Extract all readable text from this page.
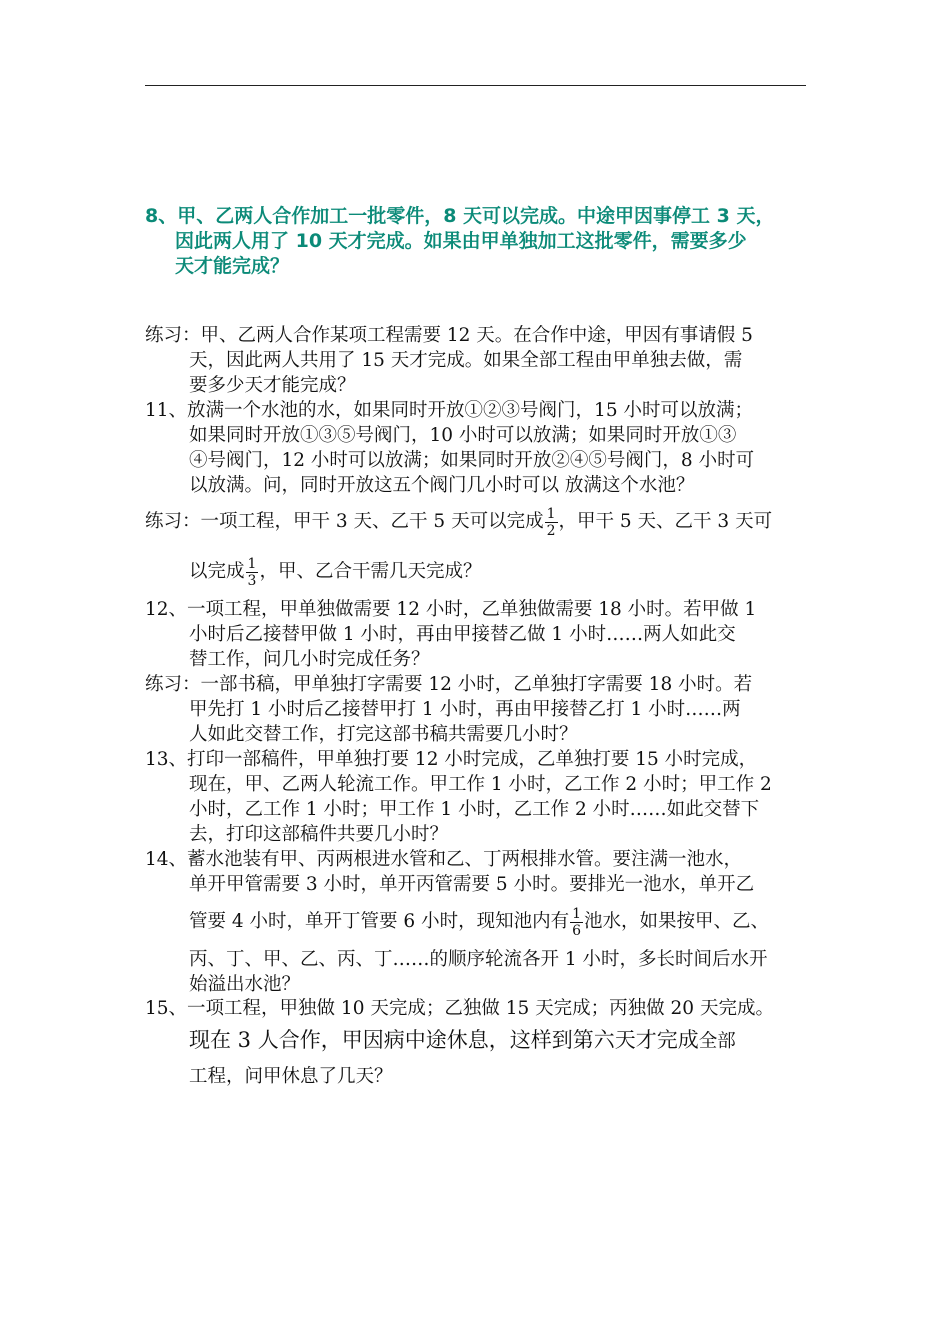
8、甲、乙两人合作加工一批零件，8 天可以完成。中途甲因事停工 3 天，
因此两人用了 10 天才完成。如果由甲单独加工这批零件，需要多少
天才能完成？
练习：甲、乙两人合作某项工程需要 12 天。在合作中途，甲因有事请假 5
天，因此两人共用了 15 天才完成。如果全部工程由甲单独去做，需
要多少天才能完成？
11、放满一个水池的水，如果同时开放①②③号阀门，15 小时可以放满；
如果同时开放①③⑤号阀门，10 小时可以放满；如果同时开放①③
④号阀门，12 小时可以放满；如果同时开放②④⑤号阀门，8 小时可
以放满。问，同时开放这五个阀门几小时可以 放满这个水池？
练习：一项工程，甲干 3 天、乙干 5 天可以完成 $\frac{1}{2}$ ，甲干 5 天、乙干 3 天可
以完成 $\frac{1}{3}$ ，甲、乙合干需几天完成？
12、一项工程，甲单独做需要 12 小时，乙单独做需要 18 小时。若甲做 1
小时后乙接替甲做 1 小时，再由甲接替乙做 1 小时……两人如此交
替工作，问几小时完成任务？
练习：一部书稿，甲单独打字需要 12 小时，乙单独打字需要 18 小时。若
甲先打 1 小时后乙接替甲打 1 小时，再由甲接替乙打 1 小时……两
人如此交替工作，打完这部书稿共需要几小时？
13、打印一部稿件，甲单独打要 12 小时完成，乙单独打要 15 小时完成，
现在，甲、乙两人轮流工作。甲工作 1 小时，乙工作 2 小时；甲工作 2
小时，乙工作 1 小时；甲工作 1 小时，乙工作 2 小时……如此交替下
去，打印这部稿件共要几小时？
14、蓄水池装有甲、丙两根进水管和乙、丁两根排水管。要注满一池水，
单开甲管需要 3 小时，单开丙管需要 5 小时。要排光一池水，单开乙
管要 4 小时，单开丁管要 6 小时，现知池内有 $\frac{1}{6}$ 池水，如果按甲、乙、
丙、丁、甲、乙、丙、丁……的顺序轮流各开 1 小时，多长时间后水开
始溢出水池？
15、一项工程，甲独做 10 天完成；乙独做 15 天完成；丙独做 20 天完成。
现在 3 人合作，甲因病中途休息，这样到第六天才完成全部
工程，问甲休息了几天？
